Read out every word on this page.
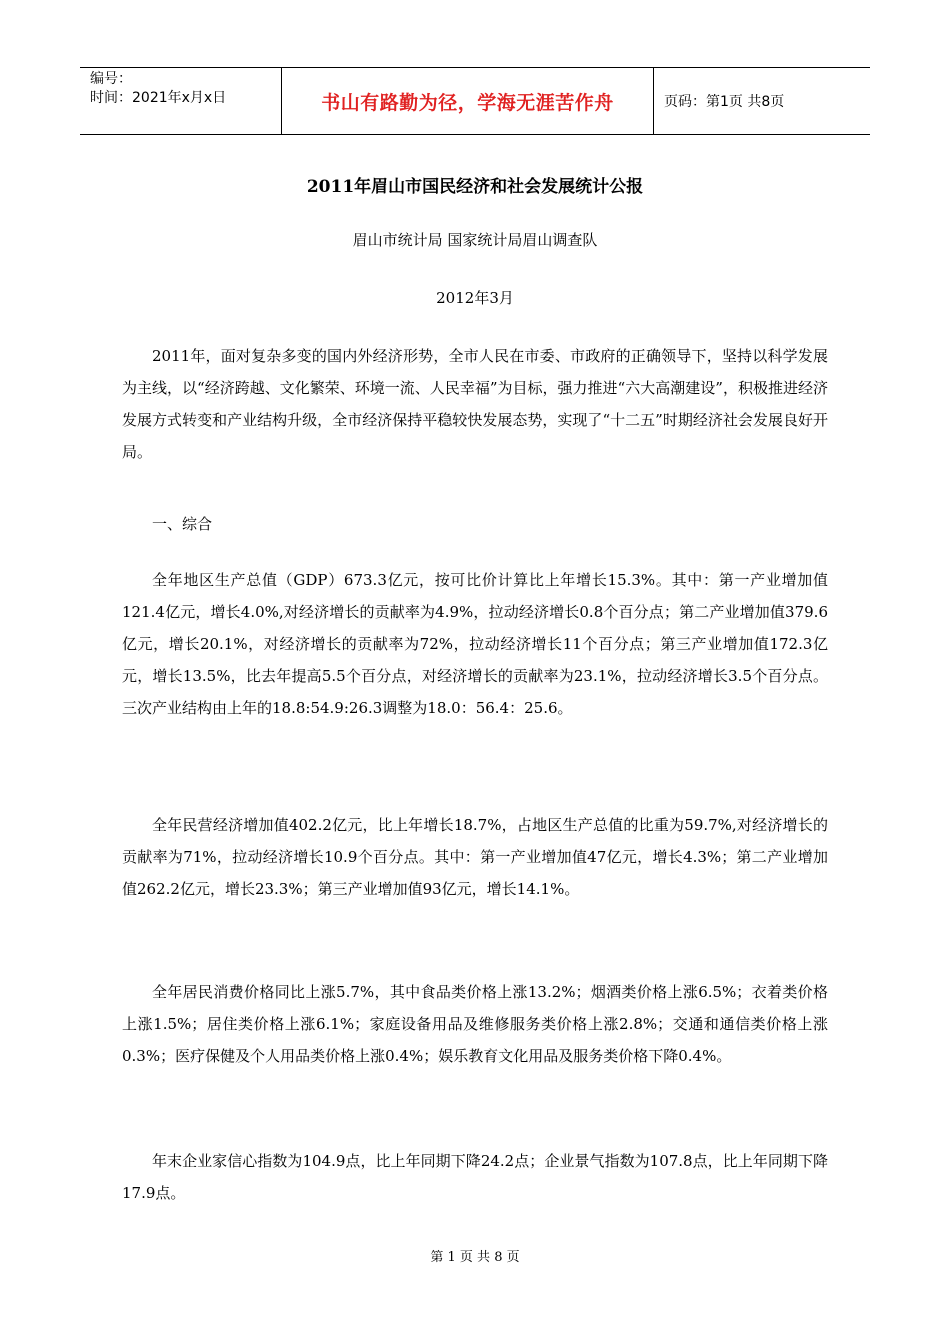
编号：
时间：2021年x月x日	书山有路勤为径，学海无涯苦作舟	页码：第1页 共8页
2011年眉山市国民经济和社会发展统计公报
眉山市统计局 国家统计局眉山调查队
2012年3月

2011年，面对复杂多变的国内外经济形势，全市人民在市委、市政府的正确领导下，坚持以科学发展为主线，以“经济跨越、文化繁荣、环境一流、人民幸福”为目标，强力推进“六大高潮建设”，积极推进经济发展方式转变和产业结构升级，全市经济保持平稳较快发展态势，实现了“十二五”时期经济社会发展良好开局。

一、综合

全年地区生产总值（GDP）673.3亿元，按可比价计算比上年增长15.3%。其中：第一产业增加值121.4亿元，增长4.0%,对经济增长的贡献率为4.9%，拉动经济增长0.8个百分点；第二产业增加值379.6亿元，增长20.1%，对经济增长的贡献率为72%，拉动经济增长11个百分点；第三产业增加值172.3亿元，增长13.5%，比去年提高5.5个百分点，对经济增长的贡献率为23.1%，拉动经济增长3.5个百分点。三次产业结构由上年的18.8:54.9:26.3调整为18.0：56.4：25.6。

全年民营经济增加值402.2亿元，比上年增长18.7%，占地区生产总值的比重为59.7%,对经济增长的贡献率为71%，拉动经济增长10.9个百分点。其中：第一产业增加值47亿元，增长4.3%；第二产业增加值262.2亿元，增长23.3%；第三产业增加值93亿元，增长14.1%。

全年居民消费价格同比上涨5.7%，其中食品类价格上涨13.2%；烟酒类价格上涨6.5%；衣着类价格上涨1.5%；居住类价格上涨6.1%；家庭设备用品及维修服务类价格上涨2.8%；交通和通信类价格上涨0.3%；医疗保健及个人用品类价格上涨0.4%；娱乐教育文化用品及服务类价格下降0.4%。

年末企业家信心指数为104.9点，比上年同期下降24.2点；企业景气指数为107.8点，比上年同期下降17.9点。

第 1 页 共 8 页
